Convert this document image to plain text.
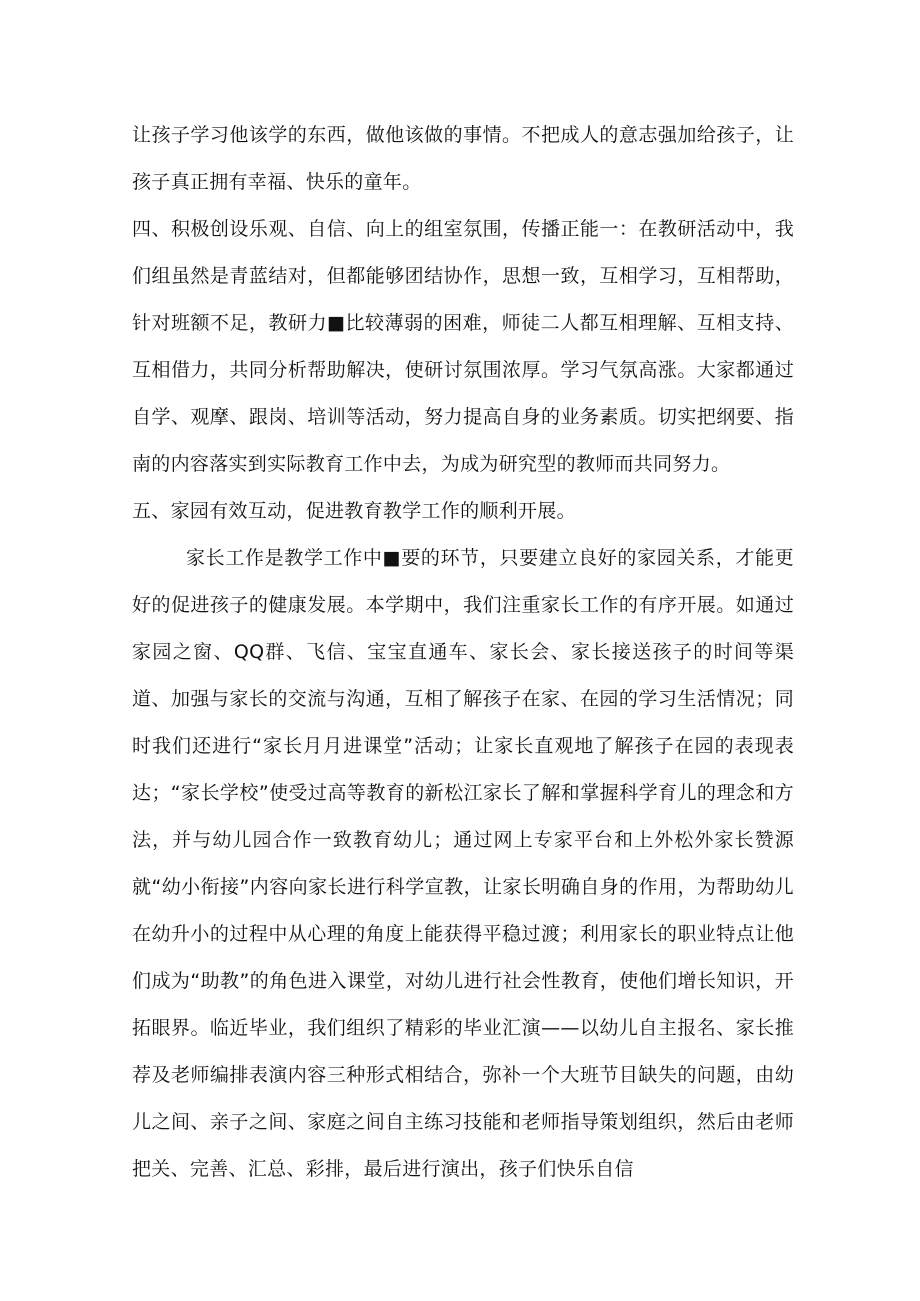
让孩子学习他该学的东西，做他该做的事情。不把成人的意志强加给孩子，让孩子真正拥有幸福、快乐的童年。

四、积极创设乐观、自信、向上的组室氛围，传播正能一：在教研活动中，我们组虽然是青蓝结对，但都能够团结协作，思想一致，互相学习，互相帮助，针对班额不足，教研力■比较薄弱的困难，师徒二人都互相理解、互相支持、互相借力，共同分析帮助解决，使研讨氛围浓厚。学习气氛高涨。大家都通过自学、观摩、跟岗、培训等活动，努力提高自身的业务素质。切实把纲要、指南的内容落实到实际教育工作中去，为成为研究型的教师而共同努力。

五、家园有效互动，促进教育教学工作的顺利开展。

家长工作是教学工作中■要的环节，只要建立良好的家园关系，才能更好的促进孩子的健康发展。本学期中，我们注重家长工作的有序开展。如通过家园之窗、QQ群、飞信、宝宝直通车、家长会、家长接送孩子的时间等渠道、加强与家长的交流与沟通，互相了解孩子在家、在园的学习生活情况；同时我们还进行“家长月月进课堂”活动；让家长直观地了解孩子在园的表现表达；“家长学校”使受过高等教育的新松江家长了解和掌握科学育儿的理念和方法，并与幼儿园合作一致教育幼儿；通过网上专家平台和上外松外家长赞源就“幼小衔接”内容向家长进行科学宣教，让家长明确自身的作用，为帮助幼儿在幼升小的过程中从心理的角度上能获得平稳过渡；利用家长的职业特点让他们成为“助教”的角色进入课堂，对幼儿进行社会性教育，使他们增长知识，开拓眼界。临近毕业，我们组织了精彩的毕业汇演——以幼儿自主报名、家长推荐及老师编排表演内容三种形式相结合，弥补一个大班节目缺失的问题，由幼儿之间、亲子之间、家庭之间自主练习技能和老师指导策划组织，然后由老师把关、完善、汇总、彩排，最后进行演出，孩子们快乐自信
